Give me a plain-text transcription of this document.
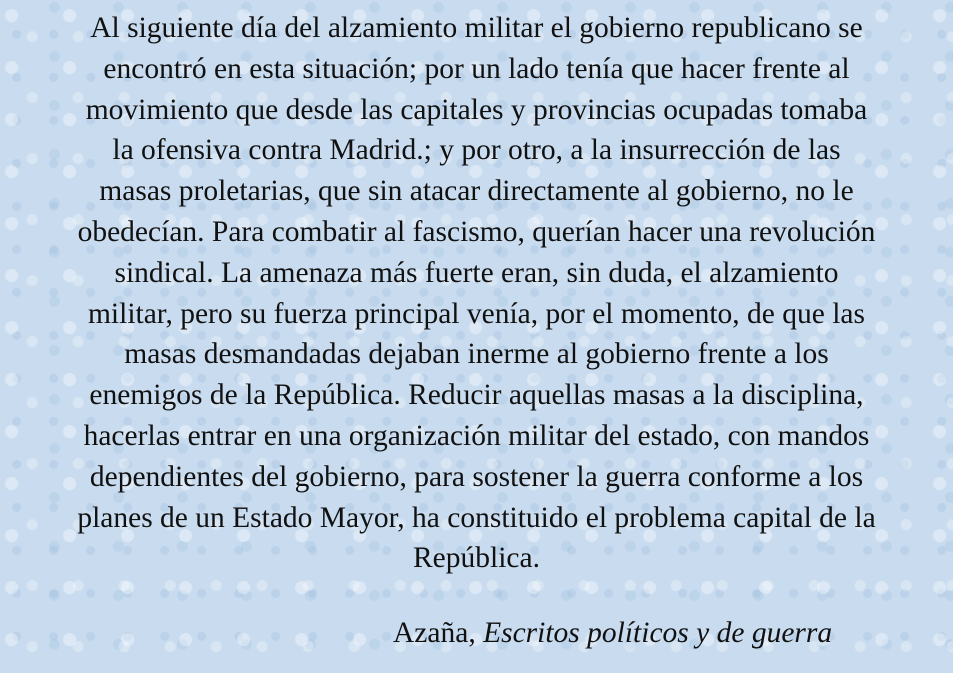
Al siguiente día del alzamiento militar el gobierno republicano se
encontró en esta situación; por un lado tenía que hacer frente al
movimiento que desde las capitales y provincias ocupadas tomaba
la ofensiva contra Madrid.; y por otro, a la insurrección de las
masas proletarias, que sin atacar directamente al gobierno, no le
obedecían. Para combatir al fascismo, querían hacer una revolución
sindical. La amenaza más fuerte eran, sin duda, el alzamiento
militar, pero su fuerza principal venía, por el momento, de que las
masas desmandadas dejaban inerme al gobierno frente a los
enemigos de la República. Reducir aquellas masas a la disciplina,
hacerlas entrar en una organización militar del estado, con mandos
dependientes del gobierno, para sostener la guerra conforme a los
planes de un Estado Mayor, ha constituido el problema capital de la
República.
Azaña, Escritos políticos y de guerra
